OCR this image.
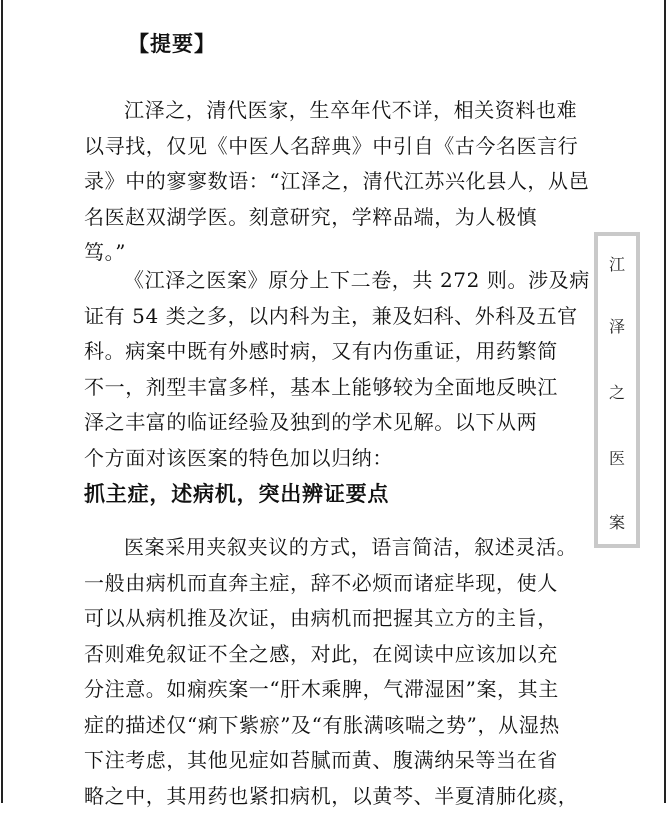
【提要】
江泽之，清代医家，生卒年代不详，相关资料也难
以寻找，仅见《中医人名辞典》中引自《古今名医言行
录》中的寥寥数语：“江泽之，清代江苏兴化县人，从邑
名医赵双湖学医。刻意研究，学粹品端，为人极慎
笃。”
《江泽之医案》原分上下二卷，共 272 则。涉及病
证有 54 类之多，以内科为主，兼及妇科、外科及五官
科。病案中既有外感时病，又有内伤重证，用药繁简
不一，剂型丰富多样，基本上能够较为全面地反映江
泽之丰富的临证经验及独到的学术见解。以下从两
个方面对该医案的特色加以归纳：
抓主症，述病机，突出辨证要点
医案采用夹叙夹议的方式，语言简洁，叙述灵活。
一般由病机而直奔主症，辞不必烦而诸症毕现，使人
可以从病机推及次证，由病机而把握其立方的主旨，
否则难免叙证不全之感，对此，在阅读中应该加以充
分注意。如痫疾案一“肝木乘脾，气滞湿困”案，其主
症的描述仅“痢下紫瘀”及“有胀满咳喘之势”，从湿热
下注考虑，其他见症如苔腻而黄、腹满纳呆等当在省
略之中，其用药也紧扣病机，以黄芩、半夏清肺化痰，
江
泽
之
医
案
